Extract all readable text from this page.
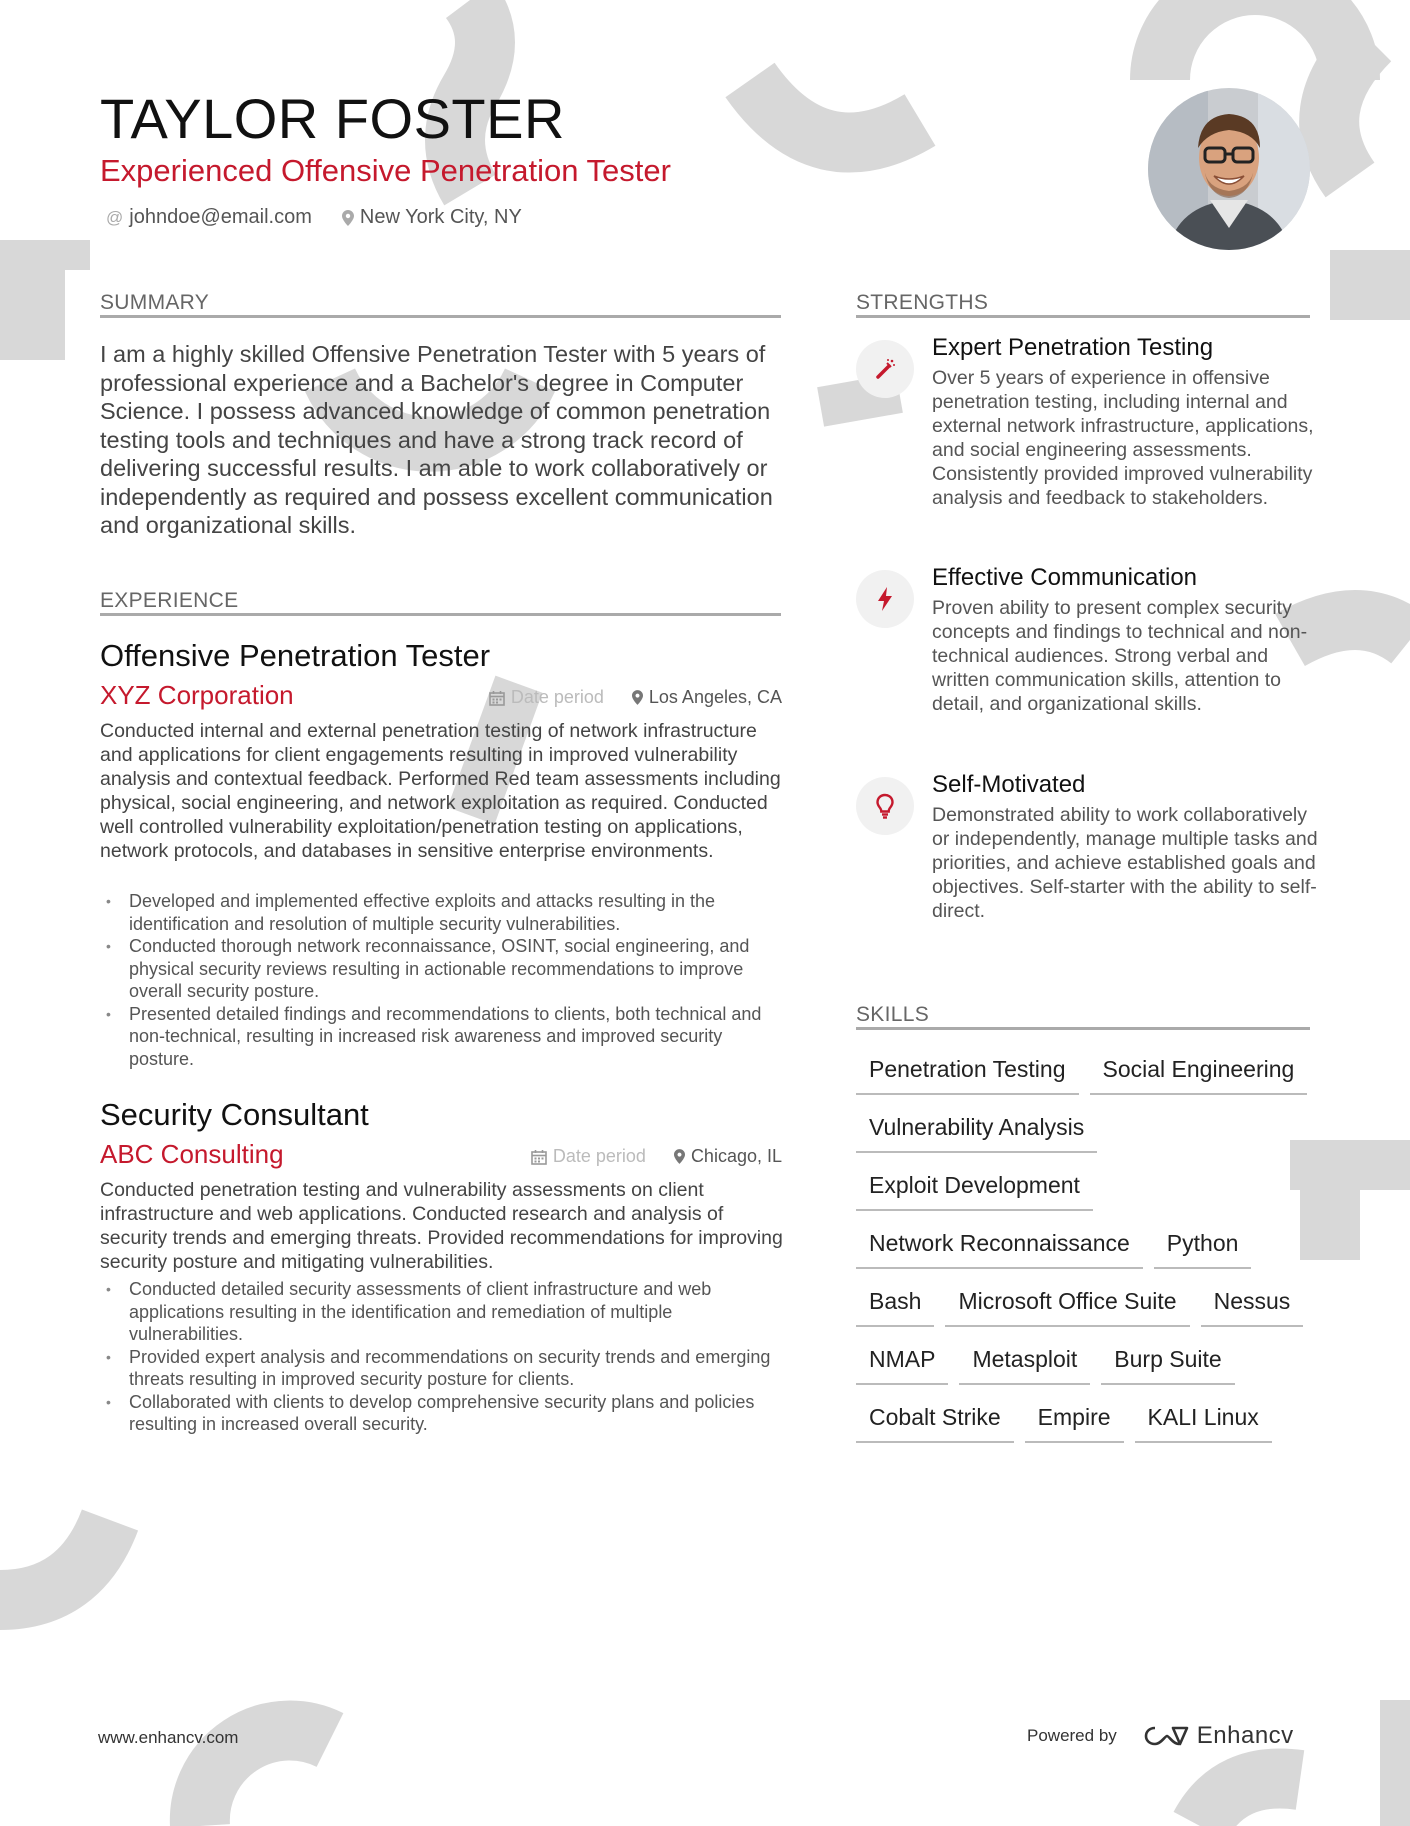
TAYLOR FOSTER
Experienced Offensive Penetration Tester
@ johndoe@email.com New York City, NY
SUMMARY
I am a highly skilled Offensive Penetration Tester with 5 years of professional experience and a Bachelor's degree in Computer Science. I possess advanced knowledge of common penetration testing tools and techniques and have a strong track record of delivering successful results. I am able to work collaboratively or independently as required and possess excellent communication and organizational skills.
EXPERIENCE
Offensive Penetration Tester
XYZ Corporation	Date period	Los Angeles, CA
Conducted internal and external penetration testing of network infrastructure and applications for client engagements resulting in improved vulnerability analysis and contextual feedback. Performed Red team assessments including physical, social engineering, and network exploitation as required. Conducted well controlled vulnerability exploitation/penetration testing on applications, network protocols, and databases in sensitive enterprise environments.
• Developed and implemented effective exploits and attacks resulting in the identification and resolution of multiple security vulnerabilities.
• Conducted thorough network reconnaissance, OSINT, social engineering, and physical security reviews resulting in actionable recommendations to improve overall security posture.
• Presented detailed findings and recommendations to clients, both technical and non-technical, resulting in increased risk awareness and improved security posture.
Security Consultant
ABC Consulting	Date period	Chicago, IL
Conducted penetration testing and vulnerability assessments on client infrastructure and web applications. Conducted research and analysis of security trends and emerging threats. Provided recommendations for improving security posture and mitigating vulnerabilities.
• Conducted detailed security assessments of client infrastructure and web applications resulting in the identification and remediation of multiple vulnerabilities.
• Provided expert analysis and recommendations on security trends and emerging threats resulting in improved security posture for clients.
• Collaborated with clients to develop comprehensive security plans and policies resulting in increased overall security.
STRENGTHS
Expert Penetration Testing
Over 5 years of experience in offensive penetration testing, including internal and external network infrastructure, applications, and social engineering assessments. Consistently provided improved vulnerability analysis and feedback to stakeholders.
Effective Communication
Proven ability to present complex security concepts and findings to technical and non-technical audiences. Strong verbal and written communication skills, attention to detail, and organizational skills.
Self-Motivated
Demonstrated ability to work collaboratively or independently, manage multiple tasks and priorities, and achieve established goals and objectives. Self-starter with the ability to self-direct.
SKILLS
Penetration Testing	Social Engineering
Vulnerability Analysis
Exploit Development
Network Reconnaissance	Python
Bash	Microsoft Office Suite	Nessus
NMAP	Metasploit	Burp Suite
Cobalt Strike	Empire	KALI Linux
www.enhancv.com	Powered by	Enhancv
